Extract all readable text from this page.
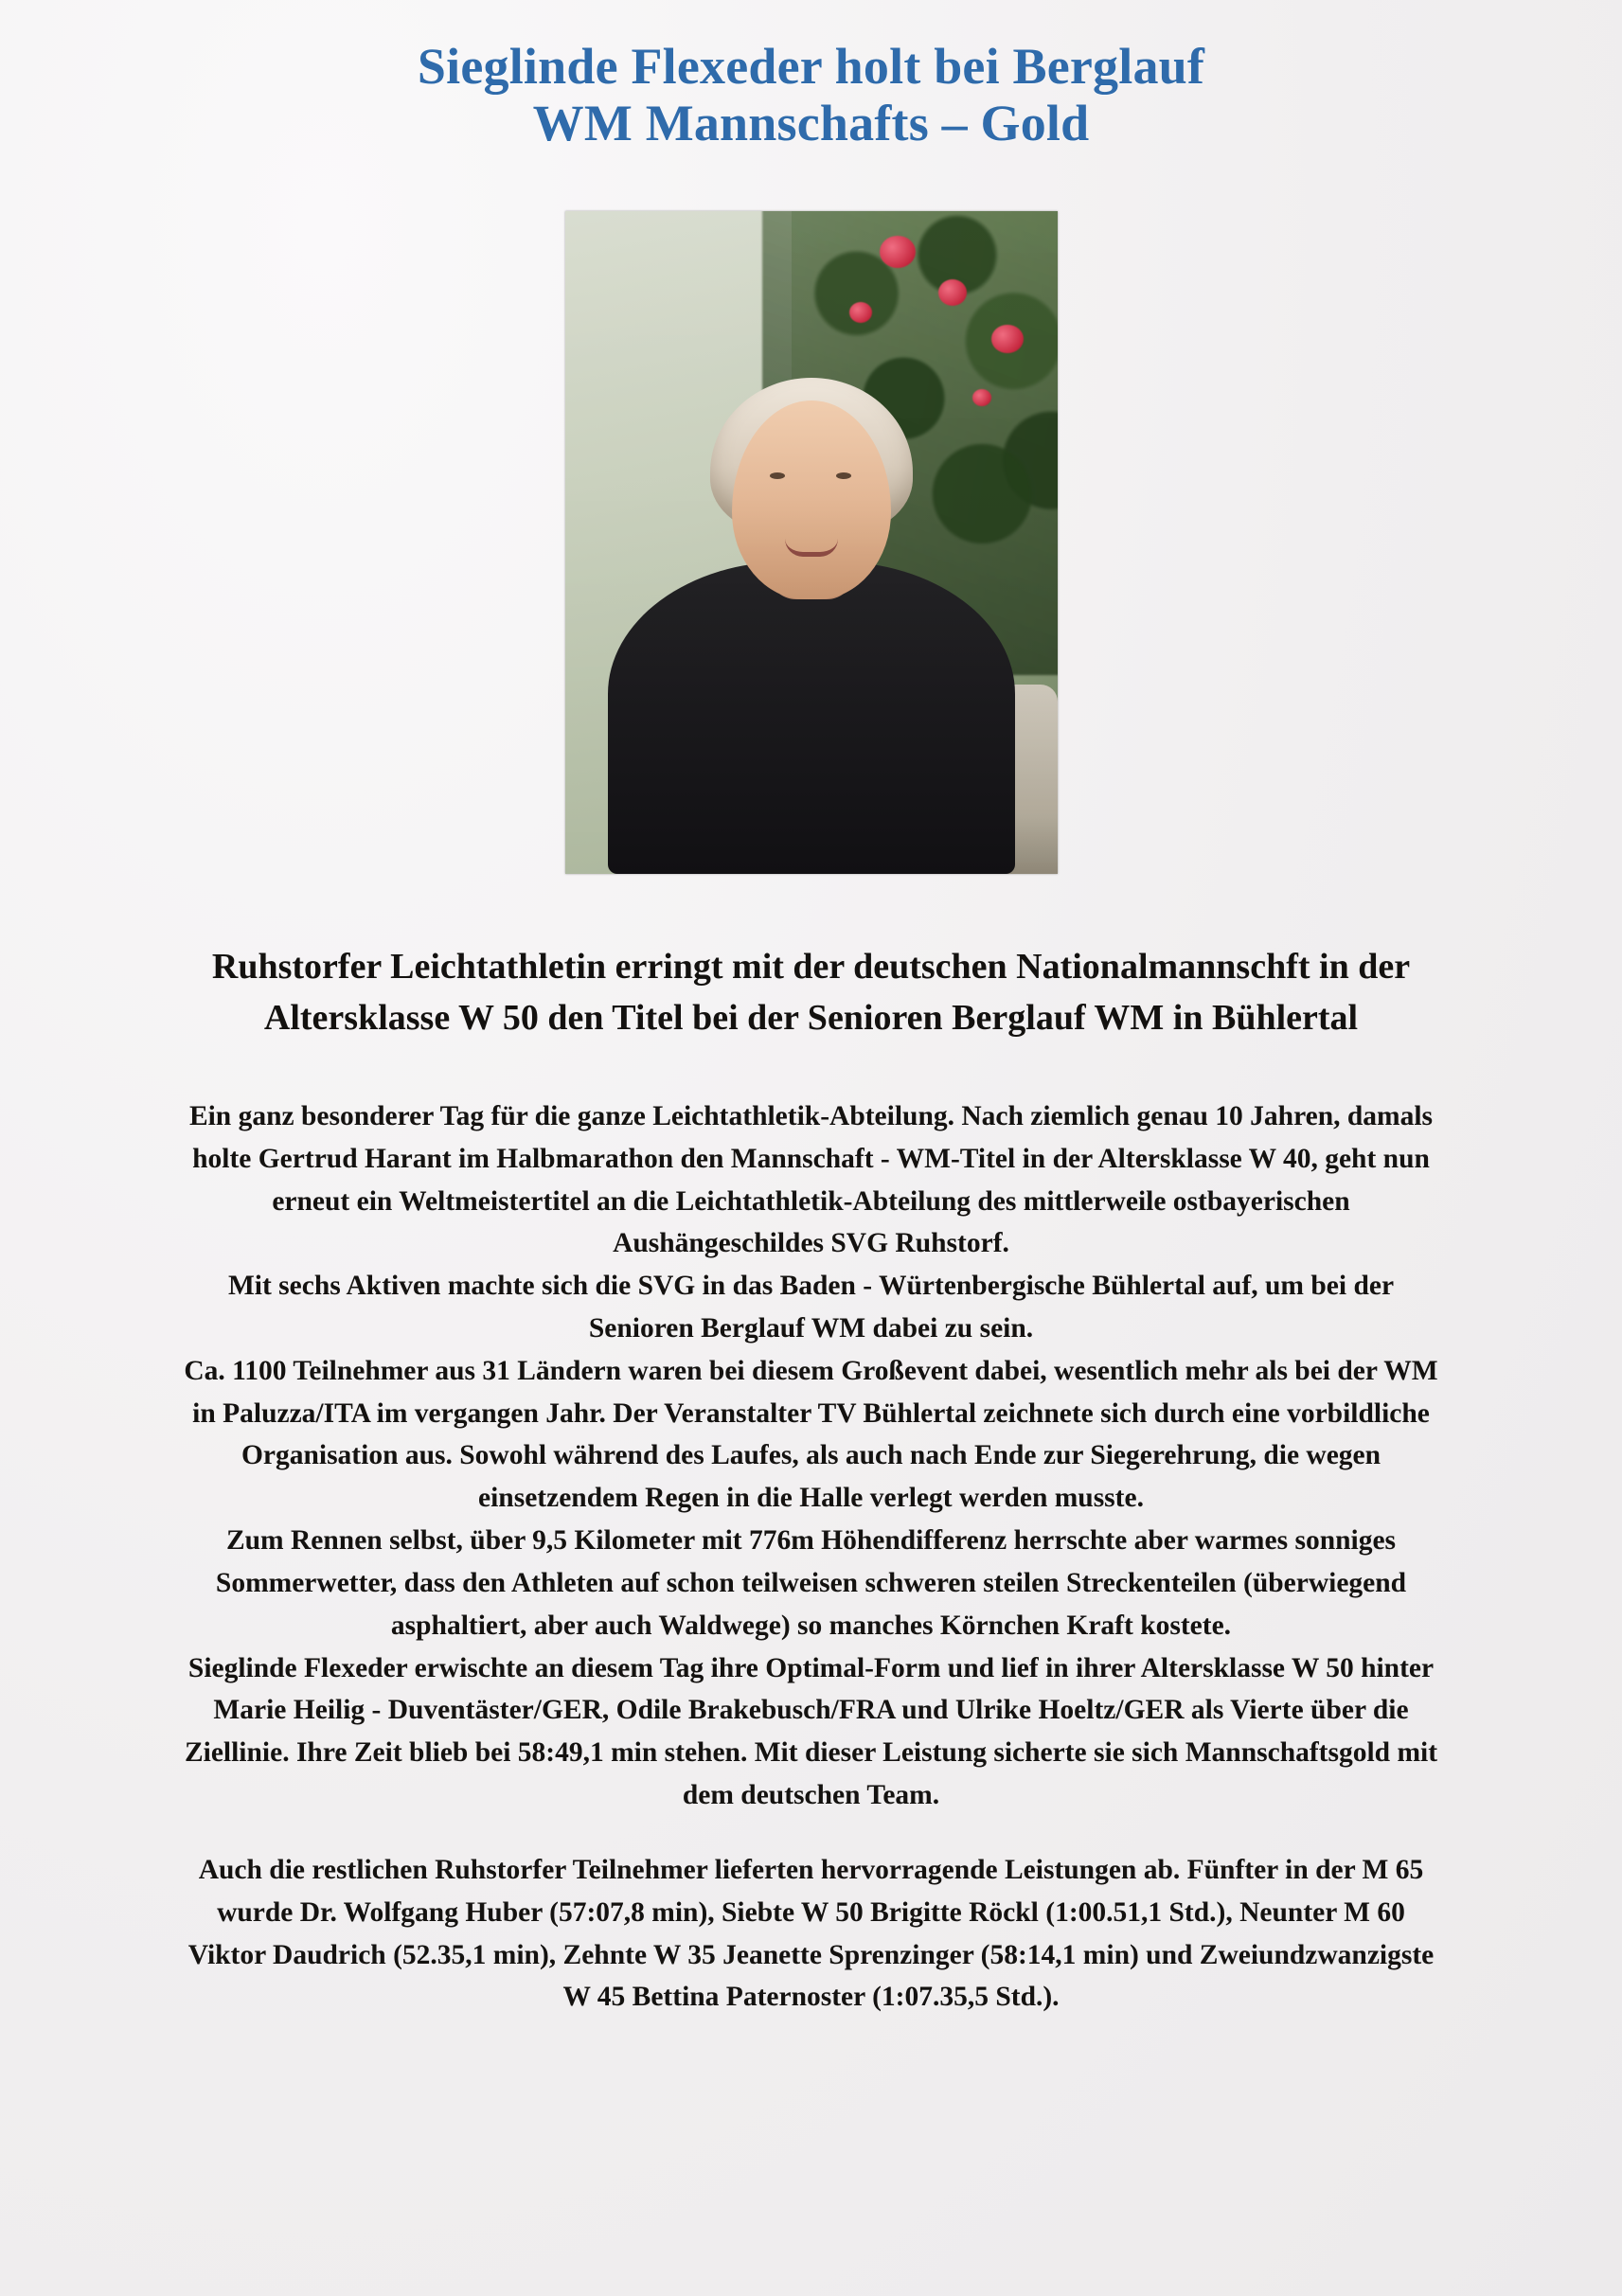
Sieglinde Flexeder holt bei Berglauf
WM Mannschafts – Gold
Ruhstorfer Leichtathletin erringt mit der deutschen Nationalmannschft in der Altersklasse W 50 den Titel bei der Senioren Berglauf WM in Bühlertal

Ein ganz besonderer Tag für die ganze Leichtathletik-Abteilung. Nach ziemlich genau 10 Jahren, damals holte Gertrud Harant im Halbmarathon den Mannschaft - WM-Titel in der Altersklasse W 40, geht nun erneut ein Weltmeistertitel an die Leichtathletik-Abteilung des mittlerweile ostbayerischen Aushängeschildes SVG Ruhstorf.

Mit sechs Aktiven machte sich die SVG in das Baden - Würtenbergische Bühlertal auf, um bei der Senioren Berglauf WM dabei zu sein.

Ca. 1100 Teilnehmer aus 31 Ländern waren bei diesem Großevent dabei, wesentlich mehr als bei der WM in Paluzza/ITA im vergangen Jahr. Der Veranstalter TV Bühlertal zeichnete sich durch eine vorbildliche Organisation aus. Sowohl während des Laufes, als auch nach Ende zur Siegerehrung, die wegen einsetzendem Regen in die Halle verlegt werden musste.

Zum Rennen selbst, über 9,5 Kilometer mit 776m Höhendifferenz herrschte aber warmes sonniges Sommerwetter, dass den Athleten auf schon teilweisen schweren steilen Streckenteilen (überwiegend asphaltiert, aber auch Waldwege) so manches Körnchen Kraft kostete.

Sieglinde Flexeder erwischte an diesem Tag ihre Optimal-Form und lief in ihrer Altersklasse W 50 hinter Marie Heilig - Duventäster/GER, Odile Brakebusch/FRA und Ulrike Hoeltz/GER als Vierte über die Ziellinie. Ihre Zeit blieb bei 58:49,1 min stehen. Mit dieser Leistung sicherte sie sich Mannschaftsgold mit dem deutschen Team.

Auch die restlichen Ruhstorfer Teilnehmer lieferten hervorragende Leistungen ab. Fünfter in der M 65 wurde Dr. Wolfgang Huber (57:07,8 min), Siebte W 50 Brigitte Röckl (1:00.51,1 Std.), Neunter M 60 Viktor Daudrich (52.35,1 min), Zehnte W 35 Jeanette Sprenzinger (58:14,1 min) und Zweiundzwanzigste W 45 Bettina Paternoster (1:07.35,5 Std.).
